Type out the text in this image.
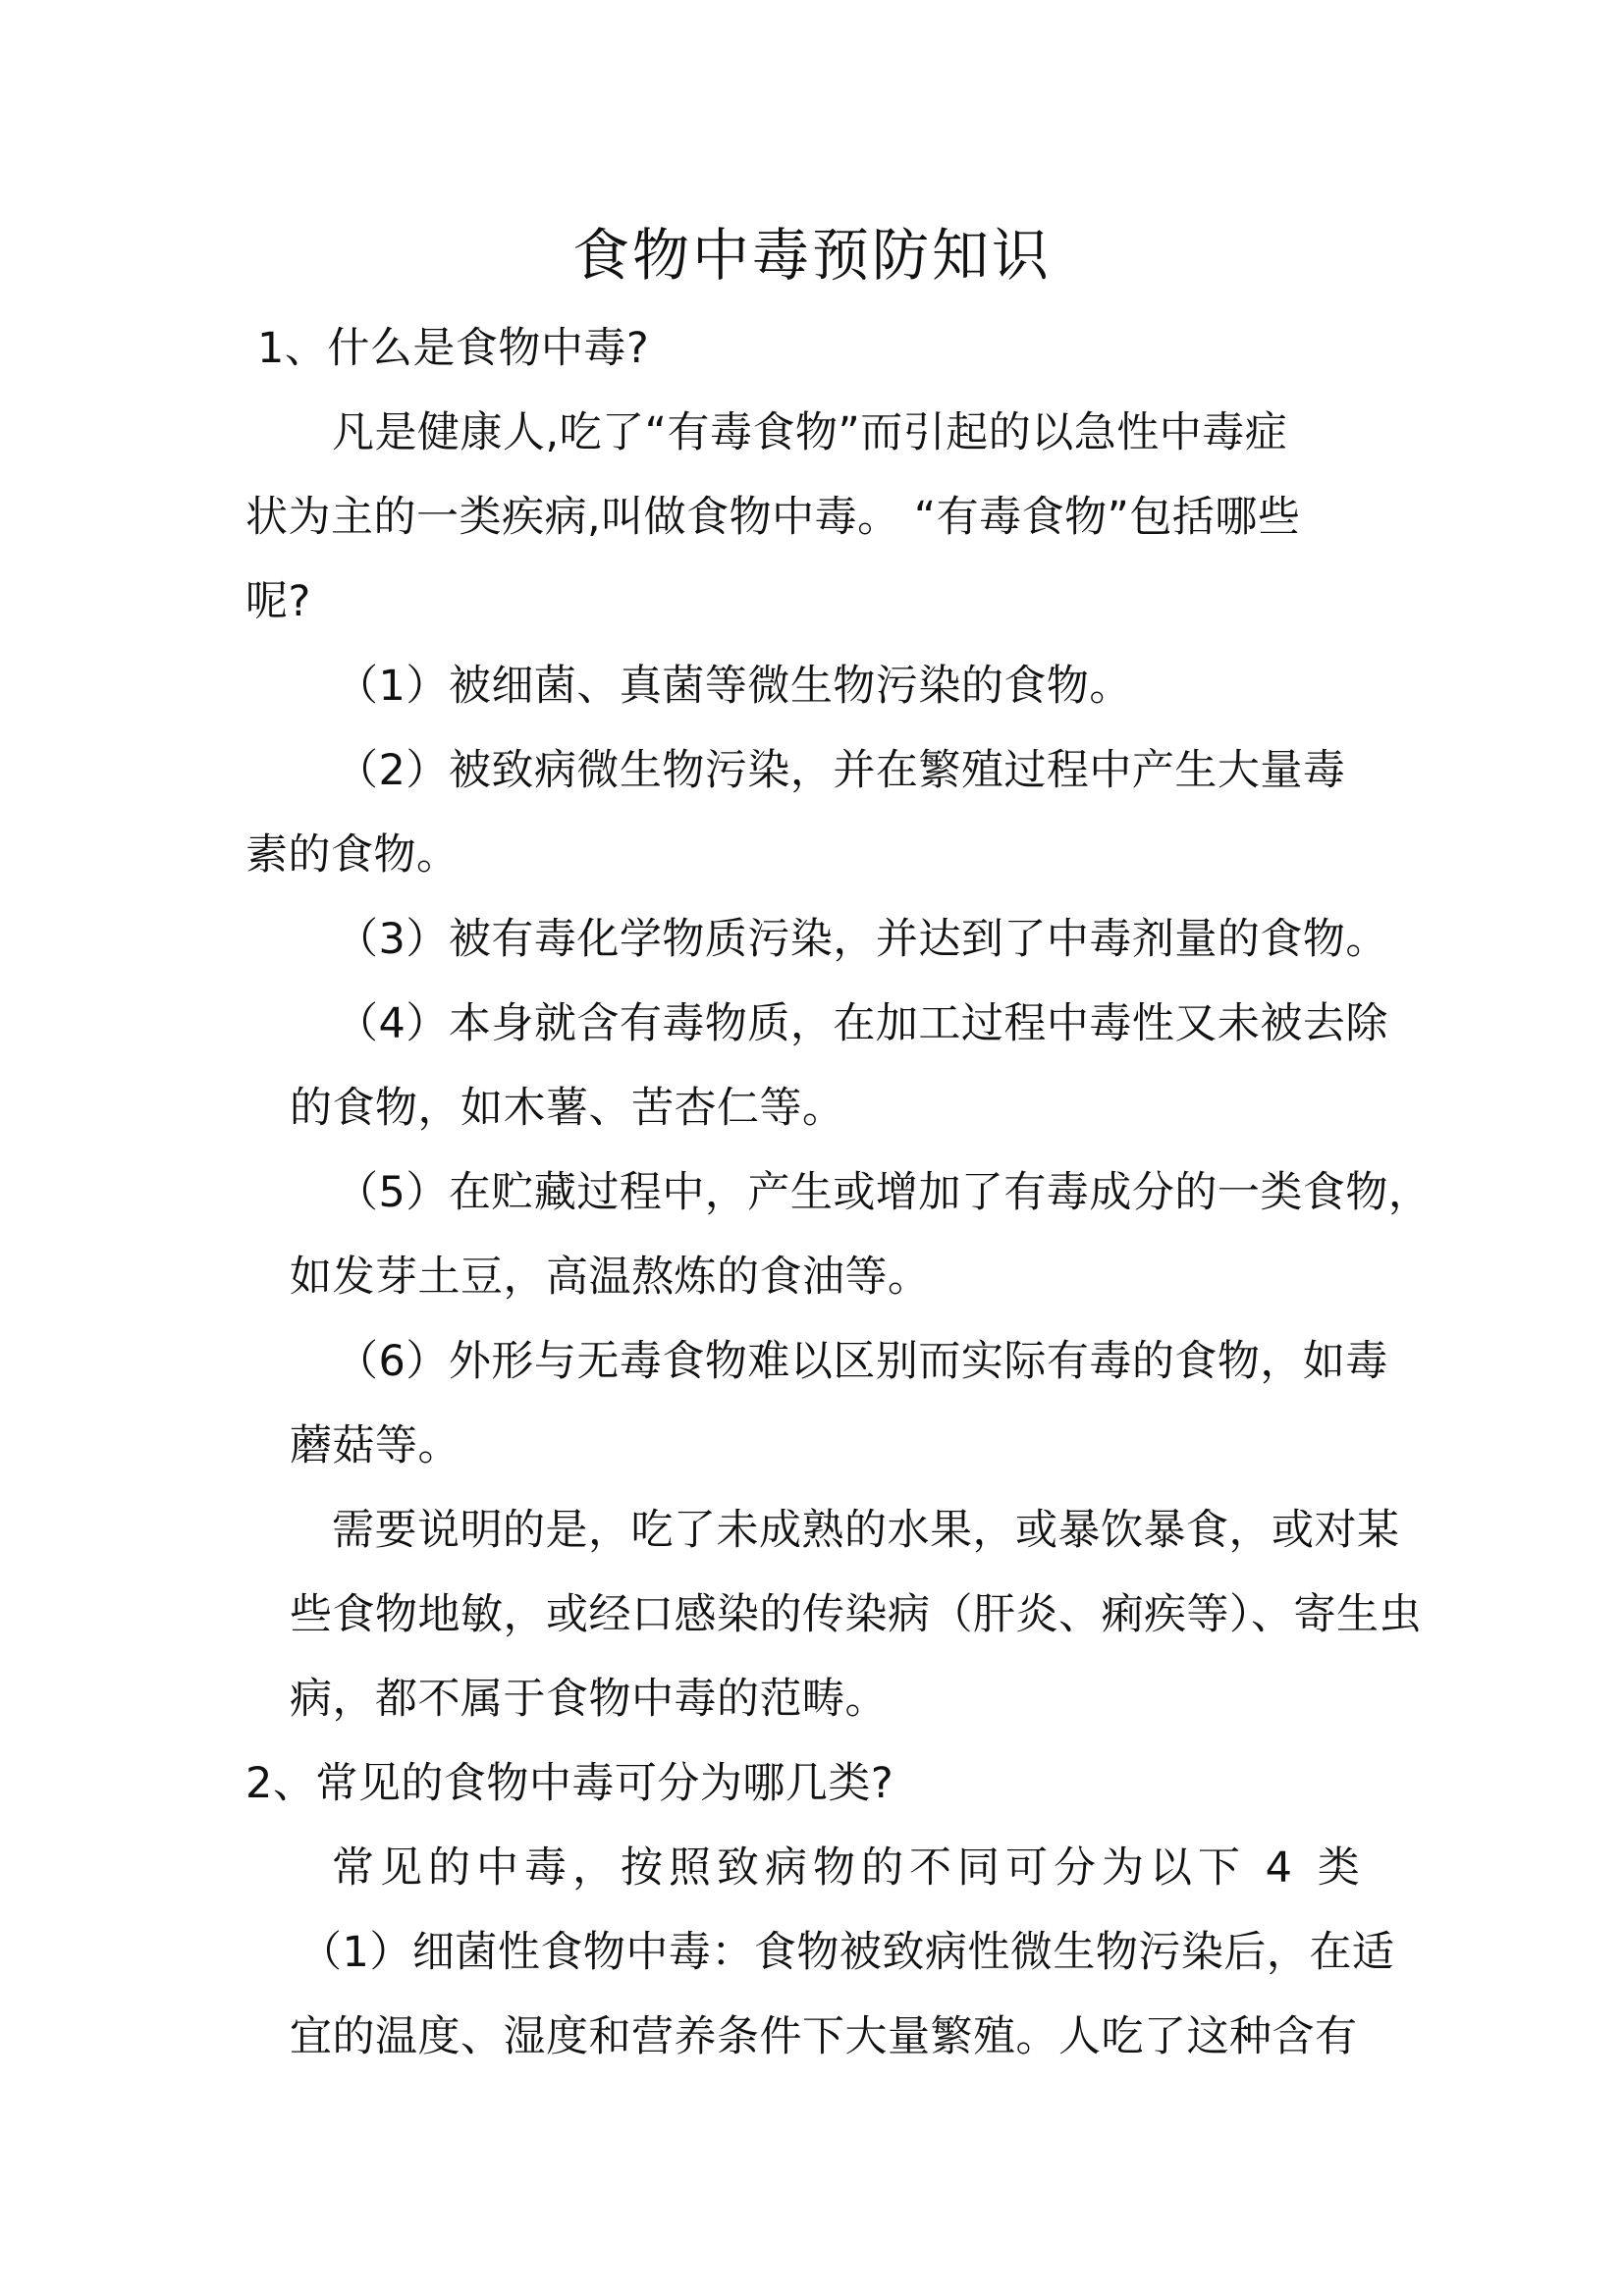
食物中毒预防知识
1、什么是食物中毒?
凡是健康人,吃了“有毒食物”而引起的以急性中毒症
状为主的一类疾病,叫做食物中毒。 “有毒食物”包括哪些
呢?
（1）被细菌、真菌等微生物污染的食物。
（2）被致病微生物污染，并在繁殖过程中产生大量毒
素的食物。
（3）被有毒化学物质污染，并达到了中毒剂量的食物。
（4）本身就含有毒物质，在加工过程中毒性又未被去除
的食物，如木薯、苦杏仁等。
（5）在贮藏过程中，产生或增加了有毒成分的一类食物，
如发芽土豆，高温熬炼的食油等。
（6）外形与无毒食物难以区别而实际有毒的食物，如毒
蘑菇等。
需要说明的是，吃了未成熟的水果，或暴饮暴食，或对某
些食物地敏，或经口感染的传染病（肝炎、痢疾等）、寄生虫
病，都不属于食物中毒的范畴。
2、常见的食物中毒可分为哪几类?
常见的中毒，按照致病物的不同可分为以下 4 类
（1）细菌性食物中毒：食物被致病性微生物污染后，在适
宜的温度、湿度和营养条件下大量繁殖。人吃了这种含有
